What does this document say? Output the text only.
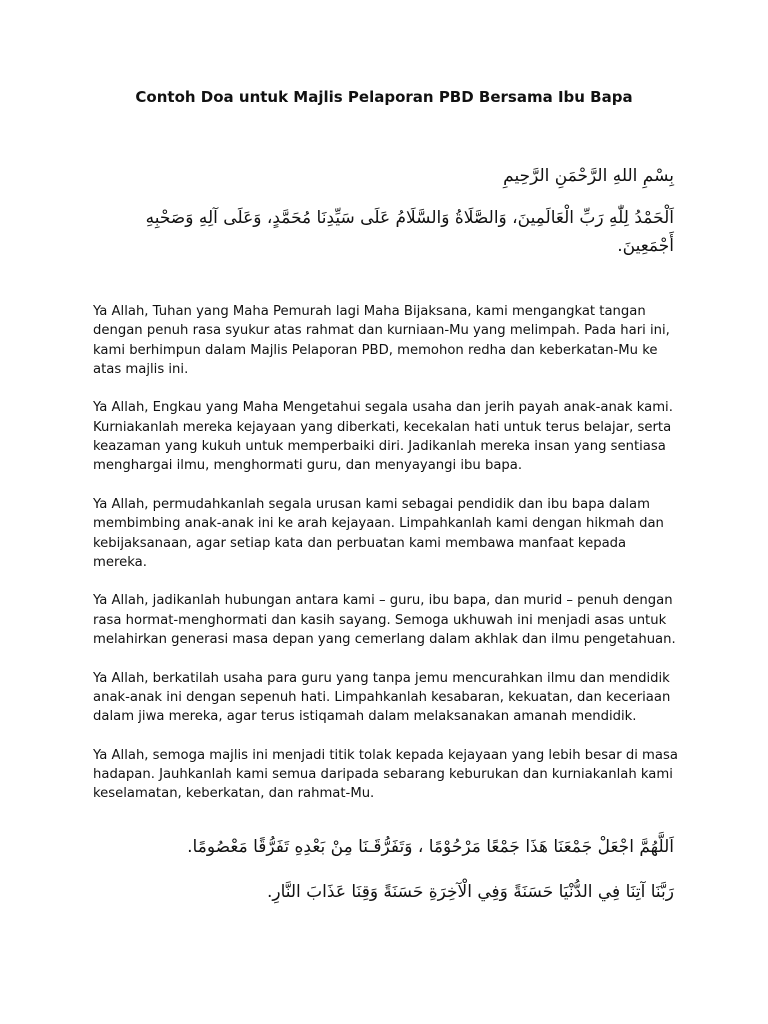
Contoh Doa untuk Majlis Pelaporan PBD Bersama Ibu Bapa
بِسْمِ اللهِ الرَّحْمَنِ الرَّحِيمِ
اَلْحَمْدُ لِلّٰهِ رَبِّ الْعَالَمِينَ، وَالصَّلَاةُ وَالسَّلَامُ عَلَى سَيِّدِنَا مُحَمَّدٍ، وَعَلَى آلِهِ وَصَحْبِهِ أَجْمَعِينَ.

Ya Allah, Tuhan yang Maha Pemurah lagi Maha Bijaksana, kami mengangkat tangan dengan penuh rasa syukur atas rahmat dan kurniaan-Mu yang melimpah. Pada hari ini, kami berhimpun dalam Majlis Pelaporan PBD, memohon redha dan keberkatan-Mu ke atas majlis ini.

Ya Allah, Engkau yang Maha Mengetahui segala usaha dan jerih payah anak-anak kami. Kurniakanlah mereka kejayaan yang diberkati, kecekalan hati untuk terus belajar, serta keazaman yang kukuh untuk memperbaiki diri. Jadikanlah mereka insan yang sentiasa menghargai ilmu, menghormati guru, dan menyayangi ibu bapa.

Ya Allah, permudahkanlah segala urusan kami sebagai pendidik dan ibu bapa dalam membimbing anak-anak ini ke arah kejayaan. Limpahkanlah kami dengan hikmah dan kebijaksanaan, agar setiap kata dan perbuatan kami membawa manfaat kepada mereka.

Ya Allah, jadikanlah hubungan antara kami – guru, ibu bapa, dan murid – penuh dengan rasa hormat-menghormati dan kasih sayang. Semoga ukhuwah ini menjadi asas untuk melahirkan generasi masa depan yang cemerlang dalam akhlak dan ilmu pengetahuan.

Ya Allah, berkatilah usaha para guru yang tanpa jemu mencurahkan ilmu dan mendidik anak-anak ini dengan sepenuh hati. Limpahkanlah kesabaran, kekuatan, dan keceriaan dalam jiwa mereka, agar terus istiqamah dalam melaksanakan amanah mendidik.

Ya Allah, semoga majlis ini menjadi titik tolak kepada kejayaan yang lebih besar di masa hadapan. Jauhkanlah kami semua daripada sebarang keburukan dan kurniakanlah kami keselamatan, keberkatan, dan rahmat-Mu.

اَللَّهُمَّ اجْعَلْ جَمْعَنَا هَذَا جَمْعًا مَرْحُوْمًا ، وَتَفَرُّقَـنَا مِنْ بَعْدِهِ تَفَرُّقًا مَعْصُومًا.
رَبَّنَا آتِنَا فِي الدُّنْيَا حَسَنَةً وَفِي الْآخِرَةِ حَسَنَةً وَقِنَا عَذَابَ النَّارِ.
